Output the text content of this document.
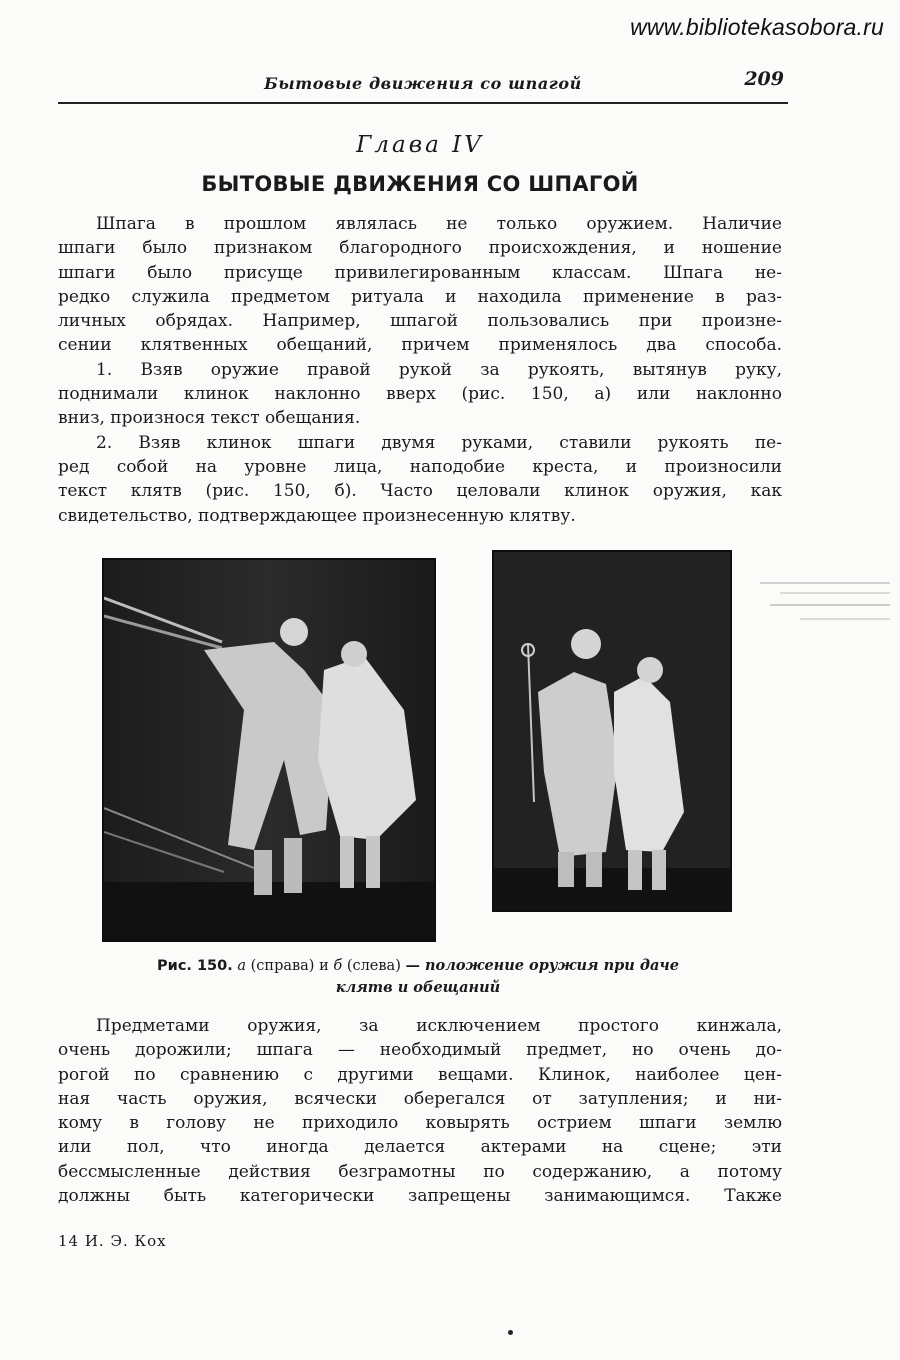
www.bibliotekasobora.ru
Бытовые движения со шпагой	209
Глава IV
БЫТОВЫЕ ДВИЖЕНИЯ СО ШПАГОЙ
Шпага в прошлом являлась не только оружием. Наличие
шпаги было признаком благородного происхождения, и ношение
шпаги было присуще привилегированным классам. Шпага не-
редко служила предметом ритуала и находила применение в раз-
личных обрядах. Например, шпагой пользовались при произне-
сении клятвенных обещаний, причем применялось два способа.
1. Взяв оружие правой рукой за рукоять, вытянув руку,
поднимали клинок наклонно вверх (рис. 150, а) или наклонно
вниз, произнося текст обещания.
2. Взяв клинок шпаги двумя руками, ставили рукоять пе-
ред собой на уровне лица, наподобие креста, и произносили
текст клятв (рис. 150, б). Часто целовали клинок оружия, как
свидетельство, подтверждающее произнесенную клятву.
Рис. 150. а (справа) и б (слева) — положение оружия при даче
клятв и обещаний
Предметами оружия, за исключением простого кинжала,
очень дорожили; шпага — необходимый предмет, но очень до-
рогой по сравнению с другими вещами. Клинок, наиболее цен-
ная часть оружия, всячески оберегался от затупления; и ни-
кому в голову не приходило ковырять острием шпаги землю
или пол, что иногда делается актерами на сцене; эти
бессмысленные действия безграмотны по содержанию, а потому
должны быть категорически запрещены занимающимся. Также
14 И. Э. Кох
